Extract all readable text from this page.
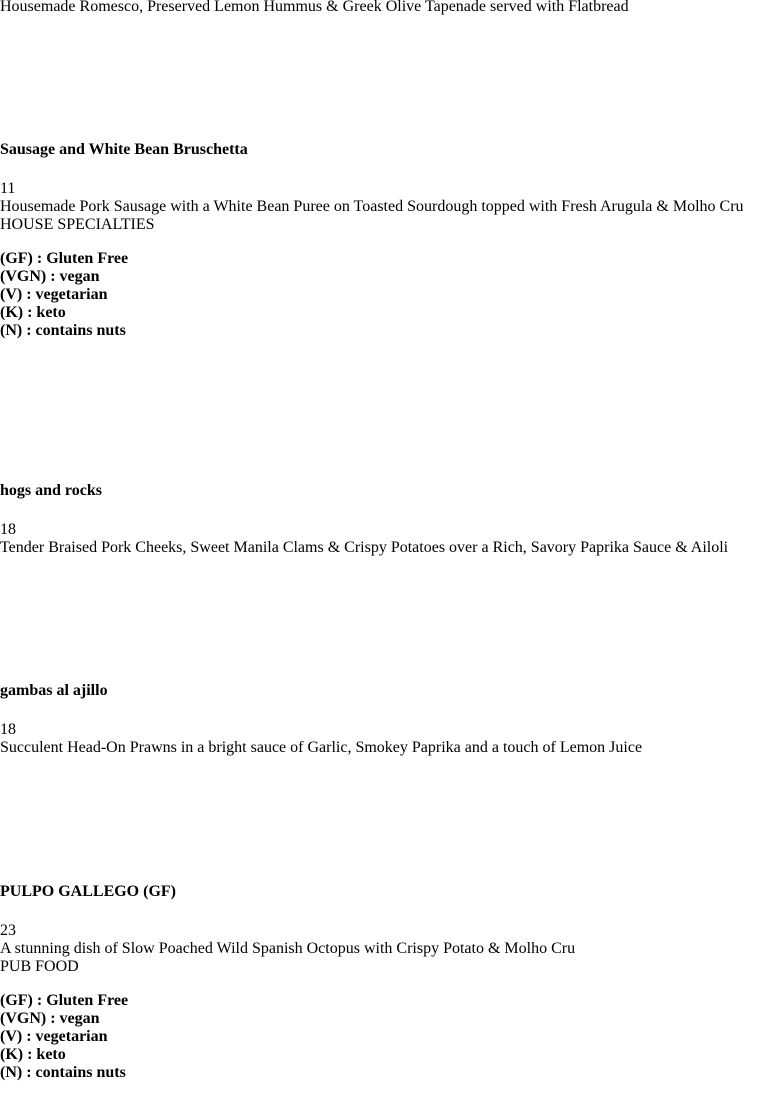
Housemade Romesco, Preserved Lemon Hummus & Greek Olive Tapenade served with Flatbread
Sausage and White Bean Bruschetta
11
Housemade Pork Sausage with a White Bean Puree on Toasted Sourdough topped with Fresh Arugula & Molho Cru
HOUSE SPECIALTIES
(GF) : Gluten Free
(VGN) : vegan
(V) : vegetarian
(K) : keto
(N) : contains nuts
hogs and rocks
18
Tender Braised Pork Cheeks, Sweet Manila Clams & Crispy Potatoes over a Rich, Savory Paprika Sauce & Ailoli
gambas al ajillo
18
Succulent Head-On Prawns in a bright sauce of Garlic, Smokey Paprika and a touch of Lemon Juice
PULPO GALLEGO (GF)
23
A stunning dish of Slow Poached Wild Spanish Octopus with Crispy Potato & Molho Cru
PUB FOOD
(GF) : Gluten Free
(VGN) : vegan
(V) : vegetarian
(K) : keto
(N) : contains nuts
